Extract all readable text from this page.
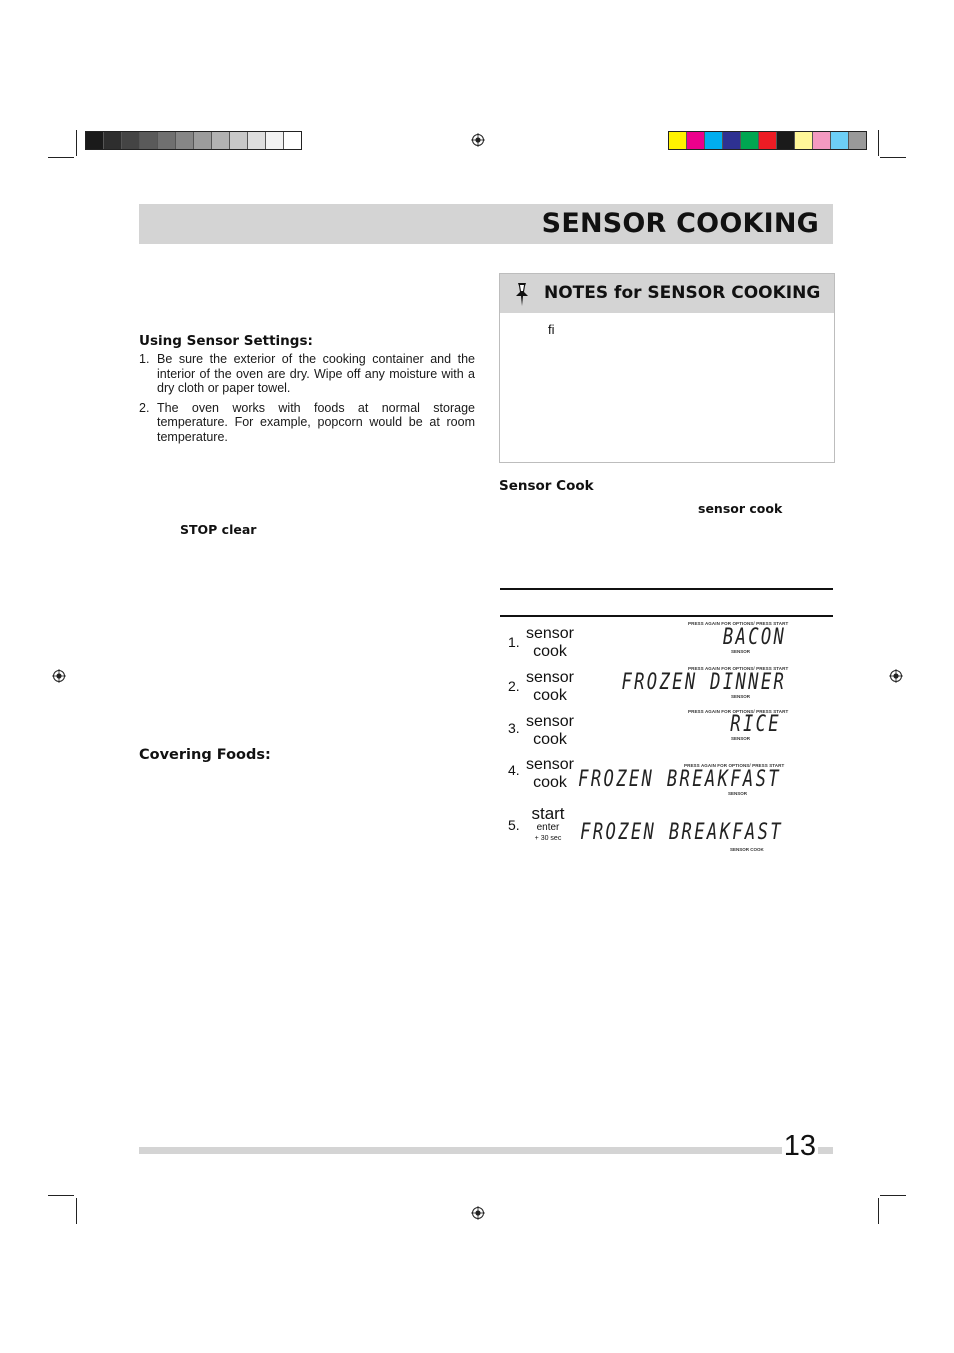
SENSOR COOKING
Using Sensor Settings:
1. Be sure the exterior of the cooking container and the interior of the oven are dry. Wipe off any moisture with a dry cloth or paper towel.
2. The oven works with foods at normal storage temperature. For example, popcorn would be at room temperature.
STOP clear
Covering Foods:
NOTES for SENSOR COOKING
fi
Sensor Cook
sensor cook
1. sensor
cook
PRESS AGAIN FOR OPTIONS/ PRESS START
BACON
SENSOR
2. sensor
cook
PRESS AGAIN FOR OPTIONS/ PRESS START
FROZEN DINNER
SENSOR
3. sensor
cook
PRESS AGAIN FOR OPTIONS/ PRESS START
RICE
SENSOR
4. sensor
cook
PRESS AGAIN FOR OPTIONS/ PRESS START
FROZEN BREAKFAST
SENSOR
5.
start
enter
+ 30 sec FROZEN BREAKFAST
SENSOR COOK
13
